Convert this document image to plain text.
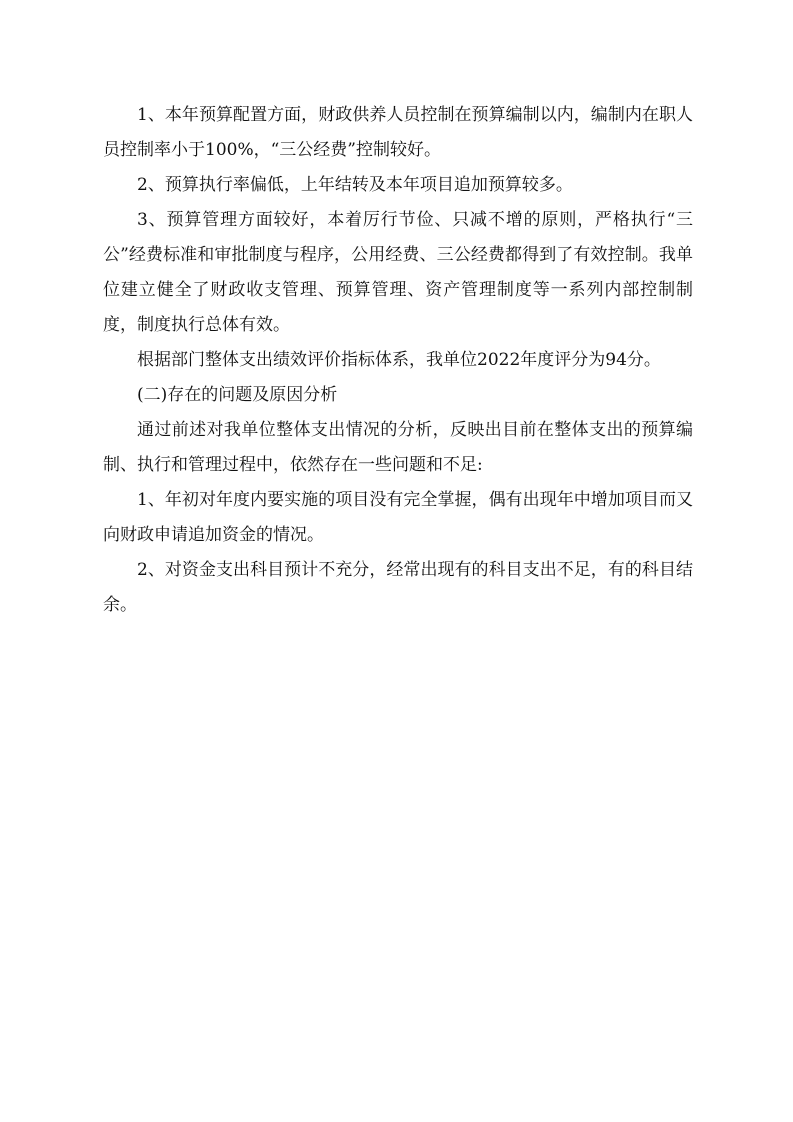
1、本年预算配置方面，财政供养人员控制在预算编制以内，编制内在职人员控制率小于100%，“三公经费”控制较好。

2、预算执行率偏低，上年结转及本年项目追加预算较多。

3、预算管理方面较好，本着厉行节俭、只减不增的原则，严格执行“三公”经费标准和审批制度与程序，公用经费、三公经费都得到了有效控制。我单位建立健全了财政收支管理、预算管理、资产管理制度等一系列内部控制制度，制度执行总体有效。

根据部门整体支出绩效评价指标体系，我单位2022年度评分为94分。

(二)存在的问题及原因分析

通过前述对我单位整体支出情况的分析，反映出目前在整体支出的预算编制、执行和管理过程中，依然存在一些问题和不足:

1、年初对年度内要实施的项目没有完全掌握，偶有出现年中增加项目而又向财政申请追加资金的情况。

2、对资金支出科目预计不充分，经常出现有的科目支出不足，有的科目结余。
